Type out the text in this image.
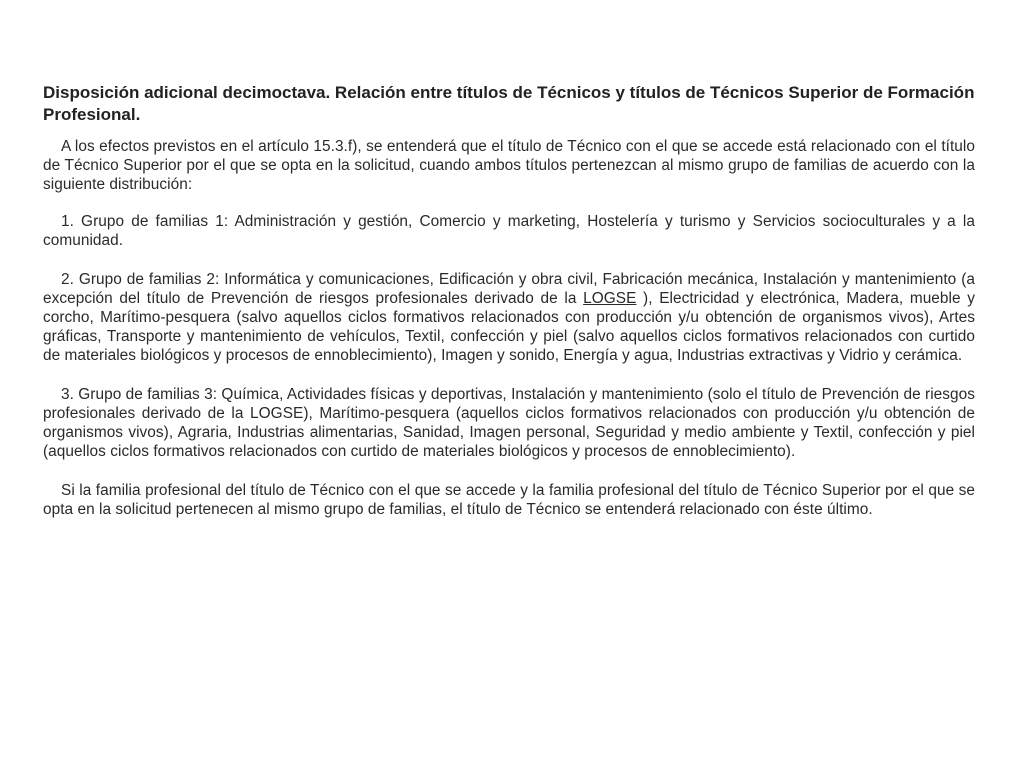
Disposición adicional decimoctava. Relación entre títulos de Técnicos y títulos de Técnicos Superior de Formación Profesional.

A los efectos previstos en el artículo 15.3.f), se entenderá que el título de Técnico con el que se accede está relacionado con el título de Técnico Superior por el que se opta en la solicitud, cuando ambos títulos pertenezcan al mismo grupo de familias de acuerdo con la siguiente distribución:

1. Grupo de familias 1: Administración y gestión, Comercio y marketing, Hostelería y turismo y Servicios socioculturales y a la comunidad.

2. Grupo de familias 2: Informática y comunicaciones, Edificación y obra civil, Fabricación mecánica, Instalación y mantenimiento (a excepción del título de Prevención de riesgos profesionales derivado de la LOGSE ), Electricidad y electrónica, Madera, mueble y corcho, Marítimo-pesquera (salvo aquellos ciclos formativos relacionados con producción y/u obtención de organismos vivos), Artes gráficas, Transporte y mantenimiento de vehículos, Textil, confección y piel (salvo aquellos ciclos formativos relacionados con curtido de materiales biológicos y procesos de ennoblecimiento), Imagen y sonido, Energía y agua, Industrias extractivas y Vidrio y cerámica.

3. Grupo de familias 3: Química, Actividades físicas y deportivas, Instalación y mantenimiento (solo el título de Prevención de riesgos profesionales derivado de la LOGSE), Marítimo-pesquera (aquellos ciclos formativos relacionados con producción y/u obtención de organismos vivos), Agraria, Industrias alimentarias, Sanidad, Imagen personal, Seguridad y medio ambiente y Textil, confección y piel (aquellos ciclos formativos relacionados con curtido de materiales biológicos y procesos de ennoblecimiento).

Si la familia profesional del título de Técnico con el que se accede y la familia profesional del título de Técnico Superior por el que se opta en la solicitud pertenecen al mismo grupo de familias, el título de Técnico se entenderá relacionado con éste último.
